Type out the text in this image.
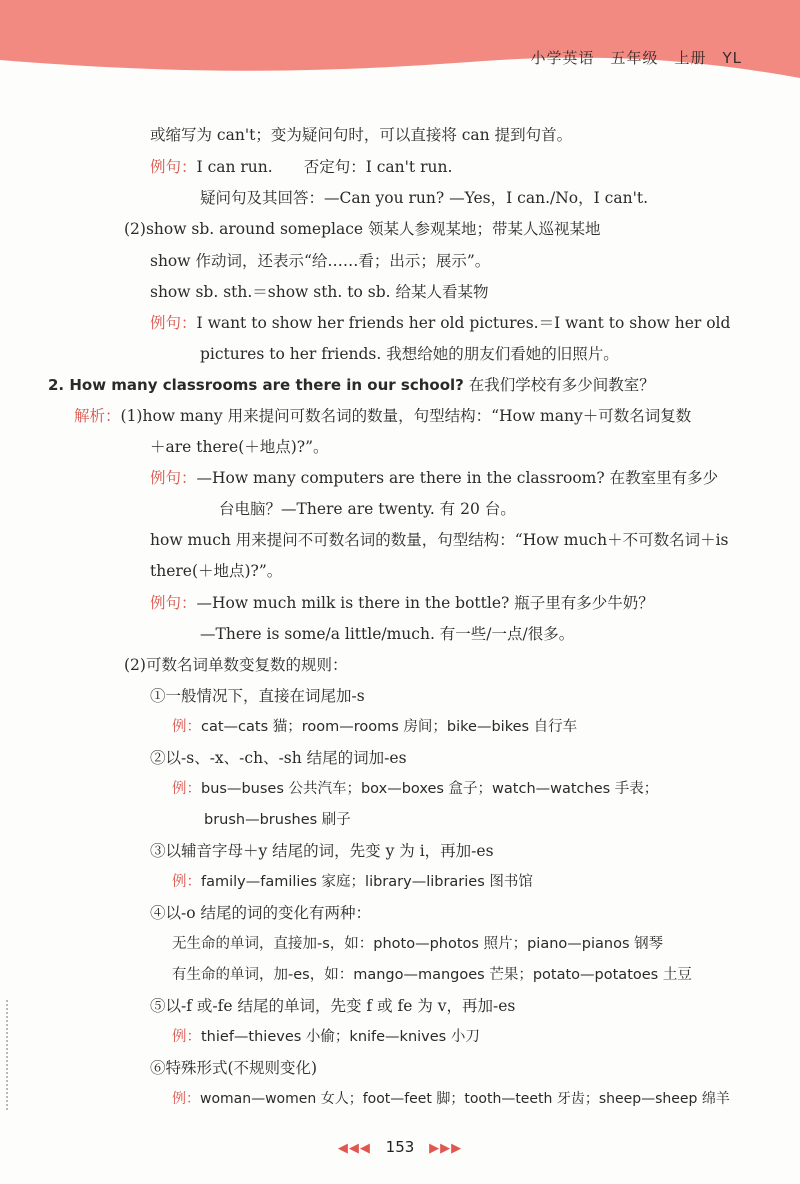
小学英语　五年级　上册　YL
或缩写为 can't；变为疑问句时，可以直接将 can 提到句首。
例句：I can run.　　否定句：I can't run.
疑问句及其回答：—Can you run? —Yes，I can./No，I can't.
(2)show sb. around someplace 领某人参观某地；带某人巡视某地
show 作动词，还表示“给……看；出示；展示”。
show sb. sth.＝show sth. to sb. 给某人看某物
例句：I want to show her friends her old pictures.＝I want to show her old
pictures to her friends. 我想给她的朋友们看她的旧照片。
2. How many classrooms are there in our school? 在我们学校有多少间教室？
解析：(1)how many 用来提问可数名词的数量，句型结构：“How many＋可数名词复数
＋are there(＋地点)?”。
例句：—How many computers are there in the classroom? 在教室里有多少
台电脑？—There are twenty. 有 20 台。
how much 用来提问不可数名词的数量，句型结构：“How much＋不可数名词＋is
there(＋地点)?”。
例句：—How much milk is there in the bottle? 瓶子里有多少牛奶？
—There is some/a little/much. 有一些/一点/很多。
(2)可数名词单数变复数的规则：
①一般情况下，直接在词尾加-s
例：cat—cats 猫；room—rooms 房间；bike—bikes 自行车
②以-s、-x、-ch、-sh 结尾的词加-es
例：bus—buses 公共汽车；box—boxes 盒子；watch—watches 手表；
brush—brushes 刷子
③以辅音字母＋y 结尾的词，先变 y 为 i，再加-es
例：family—families 家庭；library—libraries 图书馆
④以-o 结尾的词的变化有两种：
无生命的单词，直接加-s，如：photo—photos 照片；piano—pianos 钢琴
有生命的单词，加-es，如：mango—mangoes 芒果；potato—potatoes 土豆
⑤以-f 或-fe 结尾的单词，先变 f 或 fe 为 v，再加-es
例：thief—thieves 小偷；knife—knives 小刀
⑥特殊形式(不规则变化)
例：woman—women 女人；foot—feet 脚；tooth—teeth 牙齿；sheep—sheep 绵羊
◀◀◀ 153 ▶▶▶
